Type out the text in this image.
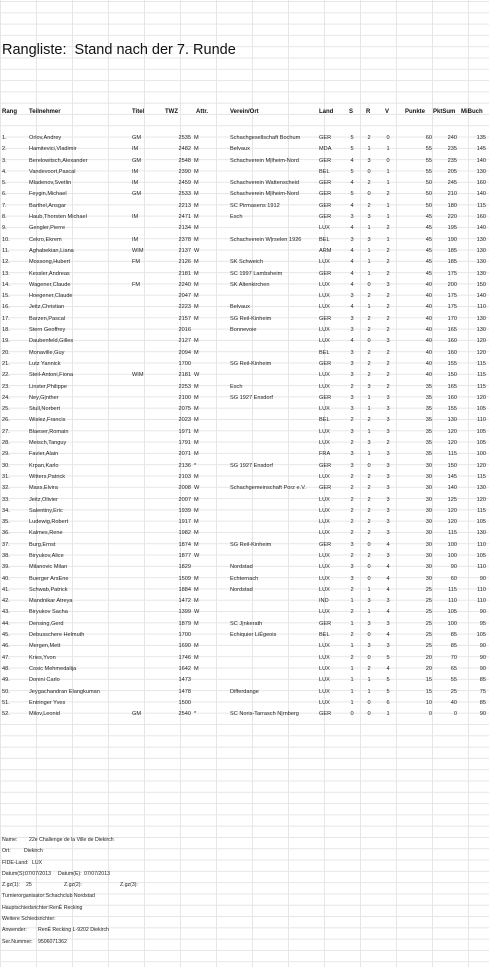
Rangliste:  Stand nach der 7. Runde
Rang Teilnehmer	Titel	TWZ	Attr.	Verein/Ort	Land	S R V	Punkte PktSum MiBuch
1.	Orlov,Andrey	GM	2535 M	Schachgesellschaft Bochum	GER	5	2	0	60	240	135
2.	Hamitevici,Vladimir	IM	2482 M	Belvaux	MDA	5	1	1	55	235	145
3.	Berelowitsch,Alexander	GM	2548 M	Schachverein M|lheim-Nord	GER	4	3	0	55	235	140
4.	Vandevoort,Pascal	IM	2390 M	BEL	5	0	1	55	205	130
5.	Mladenov,Svetlin	IM	2459 M	Schachverein Wattenscheid	GER	4	2	1	50	245	160
6.	Feygin,Michael	GM	2533 M	Schachverein M|lheim-Nord	GER	5	0	2	50	210	140
7.	Barthel,Ansgar	2213 M	SC Pirmasens 1912	GER	4	2	1	50	180	115
8.	Haub,Thorsten Michael	IM	2471 M	Esch	GER	3	3	1	45	220	160
9.	Gengler,Pierre	2134 M	LUX	4	1	2	45	195	140
10.	Cekro,Ekrem	IM	2378 M	Schachverein W|rselen 1926	BEL	3	3	1	45	190	130
11.	Aghabekian,Liana	WIM	2137 W	ARM	4	1	2	45	185	130
12.	Mossong,Hubert	FM	2126 M	SK Schweich	LUX	4	1	2	45	185	130
13.	Kessler,Andreas	2181 M	SC 1997 Lambsheim	GER	4	1	2	45	175	130
14.	Wagener,Claude	FM	2240 M	SK Altenkirchen	LUX	4	0	3	40	200	150
15.	Hoegener,Claude	2047 M	LUX	3	2	2	40	175	140
16.	Jeitz,Christian	2223 M	Belvaux	LUX	4	1	2	40	175	110
17.	Barzen,Pascal	2157 M	SG Reil-Kinheim	GER	3	2	2	40	170	130
18.	Stern Geoffrey	2016	Bonnevoie	LUX	3	2	2	40	165	130
19.	Daubenfeld,Gilles	2127 M	LUX	4	0	3	40	160	120
20.	Monaville,Guy	2094 M	BEL	3	2	2	40	160	120
21.	Lutz Yannick	1700	SG Reil-Kinheim	GER	3	2	2	40	155	115
22.	Steil-Antoni,Fiona	WIM	2181 W	LUX	3	2	2	40	150	115
23.	Linster,Philippe	2253 M	Esch	LUX	2	3	2	35	165	115
24.	Ney,G|nther	2100 M	SG 1927 Ensdorf	GER	3	1	3	35	160	120
25.	Stull,Norbert	2075 M	LUX	3	1	3	35	155	105
26.	Wislez,Francis	2023 M	BEL	2	2	3	35	130	110
27.	Blaeser,Romain	1971 M	LUX	3	1	3	35	120	105
28.	Meisch,Tanguy	1791 M	LUX	2	3	2	35	120	105
29.	Favier,Alain	2071 M	FRA	3	1	3	35	115	100
30.	Krpan,Karlo	2136 *	SG 1927 Ensdorf	GER	3	0	3	30	150	120
31.	Witters,Patrick	2103 M	LUX	2	2	3	30	145	115
32.	Mass,Elvira	2008 W	Schachgemeinschaft Porz e.V.	GER	2	2	3	30	140	130
33.	Jeitz,Olivier	2007 M	LUX	2	2	3	30	125	120
34.	Salentiny,Eric	1939 M	LUX	2	2	3	30	120	115
35.	Ludewig,Robert	1917 M	LUX	2	2	3	30	120	105
36.	Kalmes,Rene	1982 M	LUX	2	2	3	30	115	130
37.	Burg,Ernst	1874 M	SG Reil-Kinheim	GER	3	0	4	30	100	110
38.	Biryukov,Alice	1877 W	LUX	2	2	3	30	100	105
39.	Milanovic Milan	1829	Nordstad	LUX	3	0	4	30	90	110
40.	Buerger ArsEne	1509 M	Echternach	LUX	3	0	4	30	60	90
41.	Schwab,Patrick	1884 M	Nordstad	LUX	2	1	4	25	115	110
42.	Mandnikar Atreya	1472 M	IND	1	3	3	25	110	110
43.	Biryukov Sacha	1399 W	LUX	2	1	4	25	105	90
44.	Densing,Gerd	1879 M	SC J|nkerath	GER	1	3	3	25	100	95
45.	Debusschere Helmuth	1700	Echiquier LiÉgeois	BEL	2	0	4	25	85	105
46.	Mergen,Mett	1690 M	LUX	1	3	3	25	85	90
47.	Kries,Yvon	1746 M	LUX	2	0	5	20	70	90
48.	Cosic Mehmedalija	1642 M	LUX	1	2	4	20	65	90
49.	Donini Carlo	1473	LUX	1	1	5	15	55	85
50.	Jeygachandran Elangkuman	1478	Differdange	LUX	1	1	5	15	25	75
51.	Entringer Yves	1500	LUX	1	0	6	10	40	85
52.	Milov,Leonid	GM	2540 *	SC Noris-Tarrasch N|rnberg	GER	0	0	1	0	0	90
Name: 22e Challenge de la Ville de Diekirch
Ort:	Diekirch
FIDE-Land: LUX
Datum(S): 07/07/2013 Datum(E): 07/07/2013
Z.gz(1): 25	Z.gz(2):	Z.gz(3):
Turnierorganisator:Schachclub Nordstad
Hauptschiedsrichter:RenÉ Recking
Weitere Schiedsrichter:
Anwender: RenÉ Recking L-9202 Diekirch
Ser.Nummer: 9506071362
